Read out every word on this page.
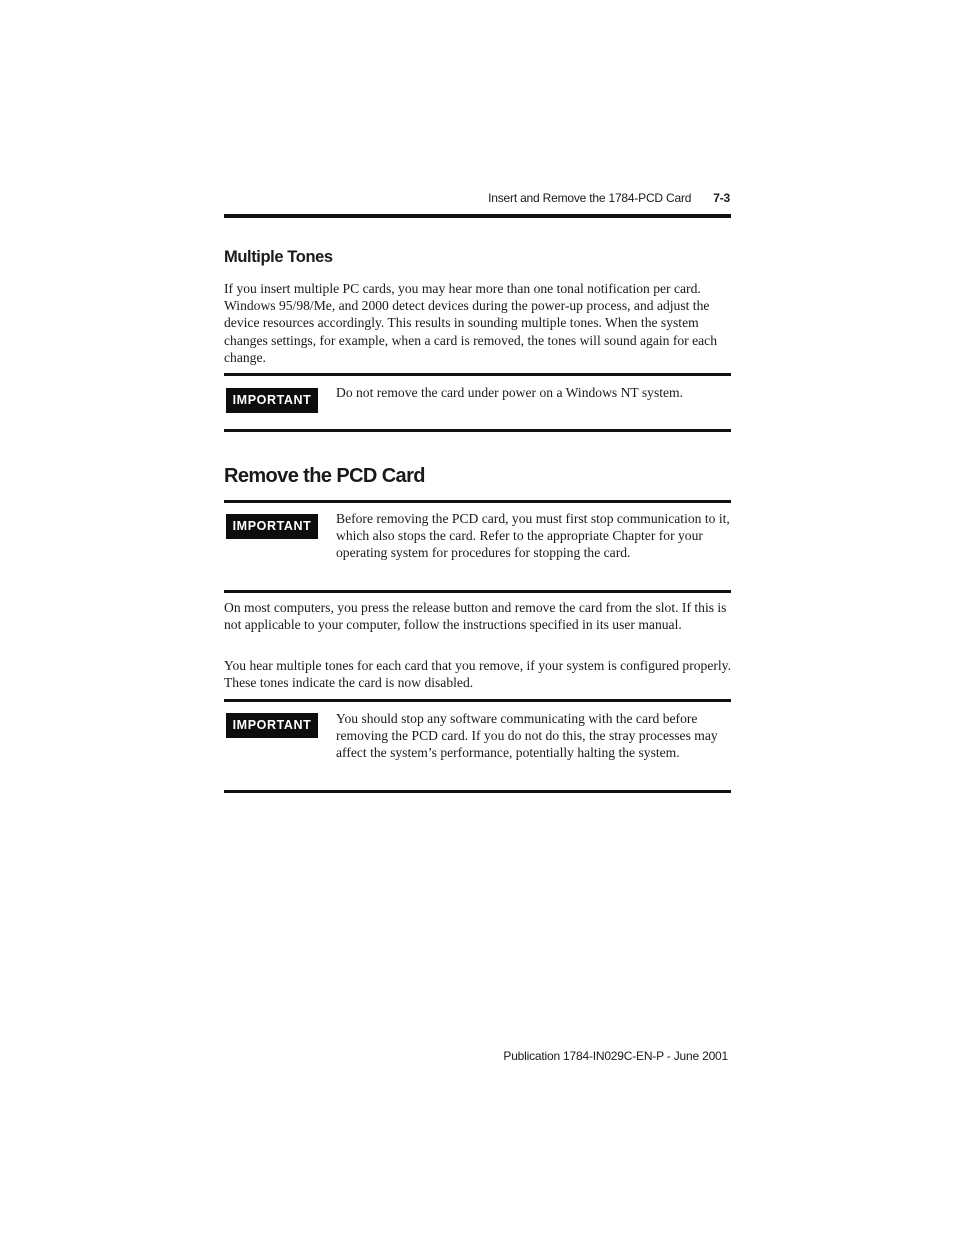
Insert and Remove the 1784-PCD Card 7-3
Multiple Tones

If you insert multiple PC cards, you may hear more than one tonal notification per card. Windows 95/98/Me, and 2000 detect devices during the power-up process, and adjust the device resources accordingly. This results in sounding multiple tones. When the system changes settings, for example, when a card is removed, the tones will sound again for each change.

IMPORTANT	Do not remove the card under power on a Windows NT system.

Remove the PCD Card
IMPORTANT	Before removing the PCD card, you must first stop communication to it, which also stops the card. Refer to the appropriate Chapter for your operating system for procedures for stopping the card.

On most computers, you press the release button and remove the card from the slot. If this is not applicable to your computer, follow the instructions specified in its user manual.

You hear multiple tones for each card that you remove, if your system is configured properly. These tones indicate the card is now disabled.

IMPORTANT	You should stop any software communicating with the card before removing the PCD card. If you do not do this, the stray processes may affect the system’s performance, potentially halting the system.

Publication 1784-IN029C-EN-P - June 2001
